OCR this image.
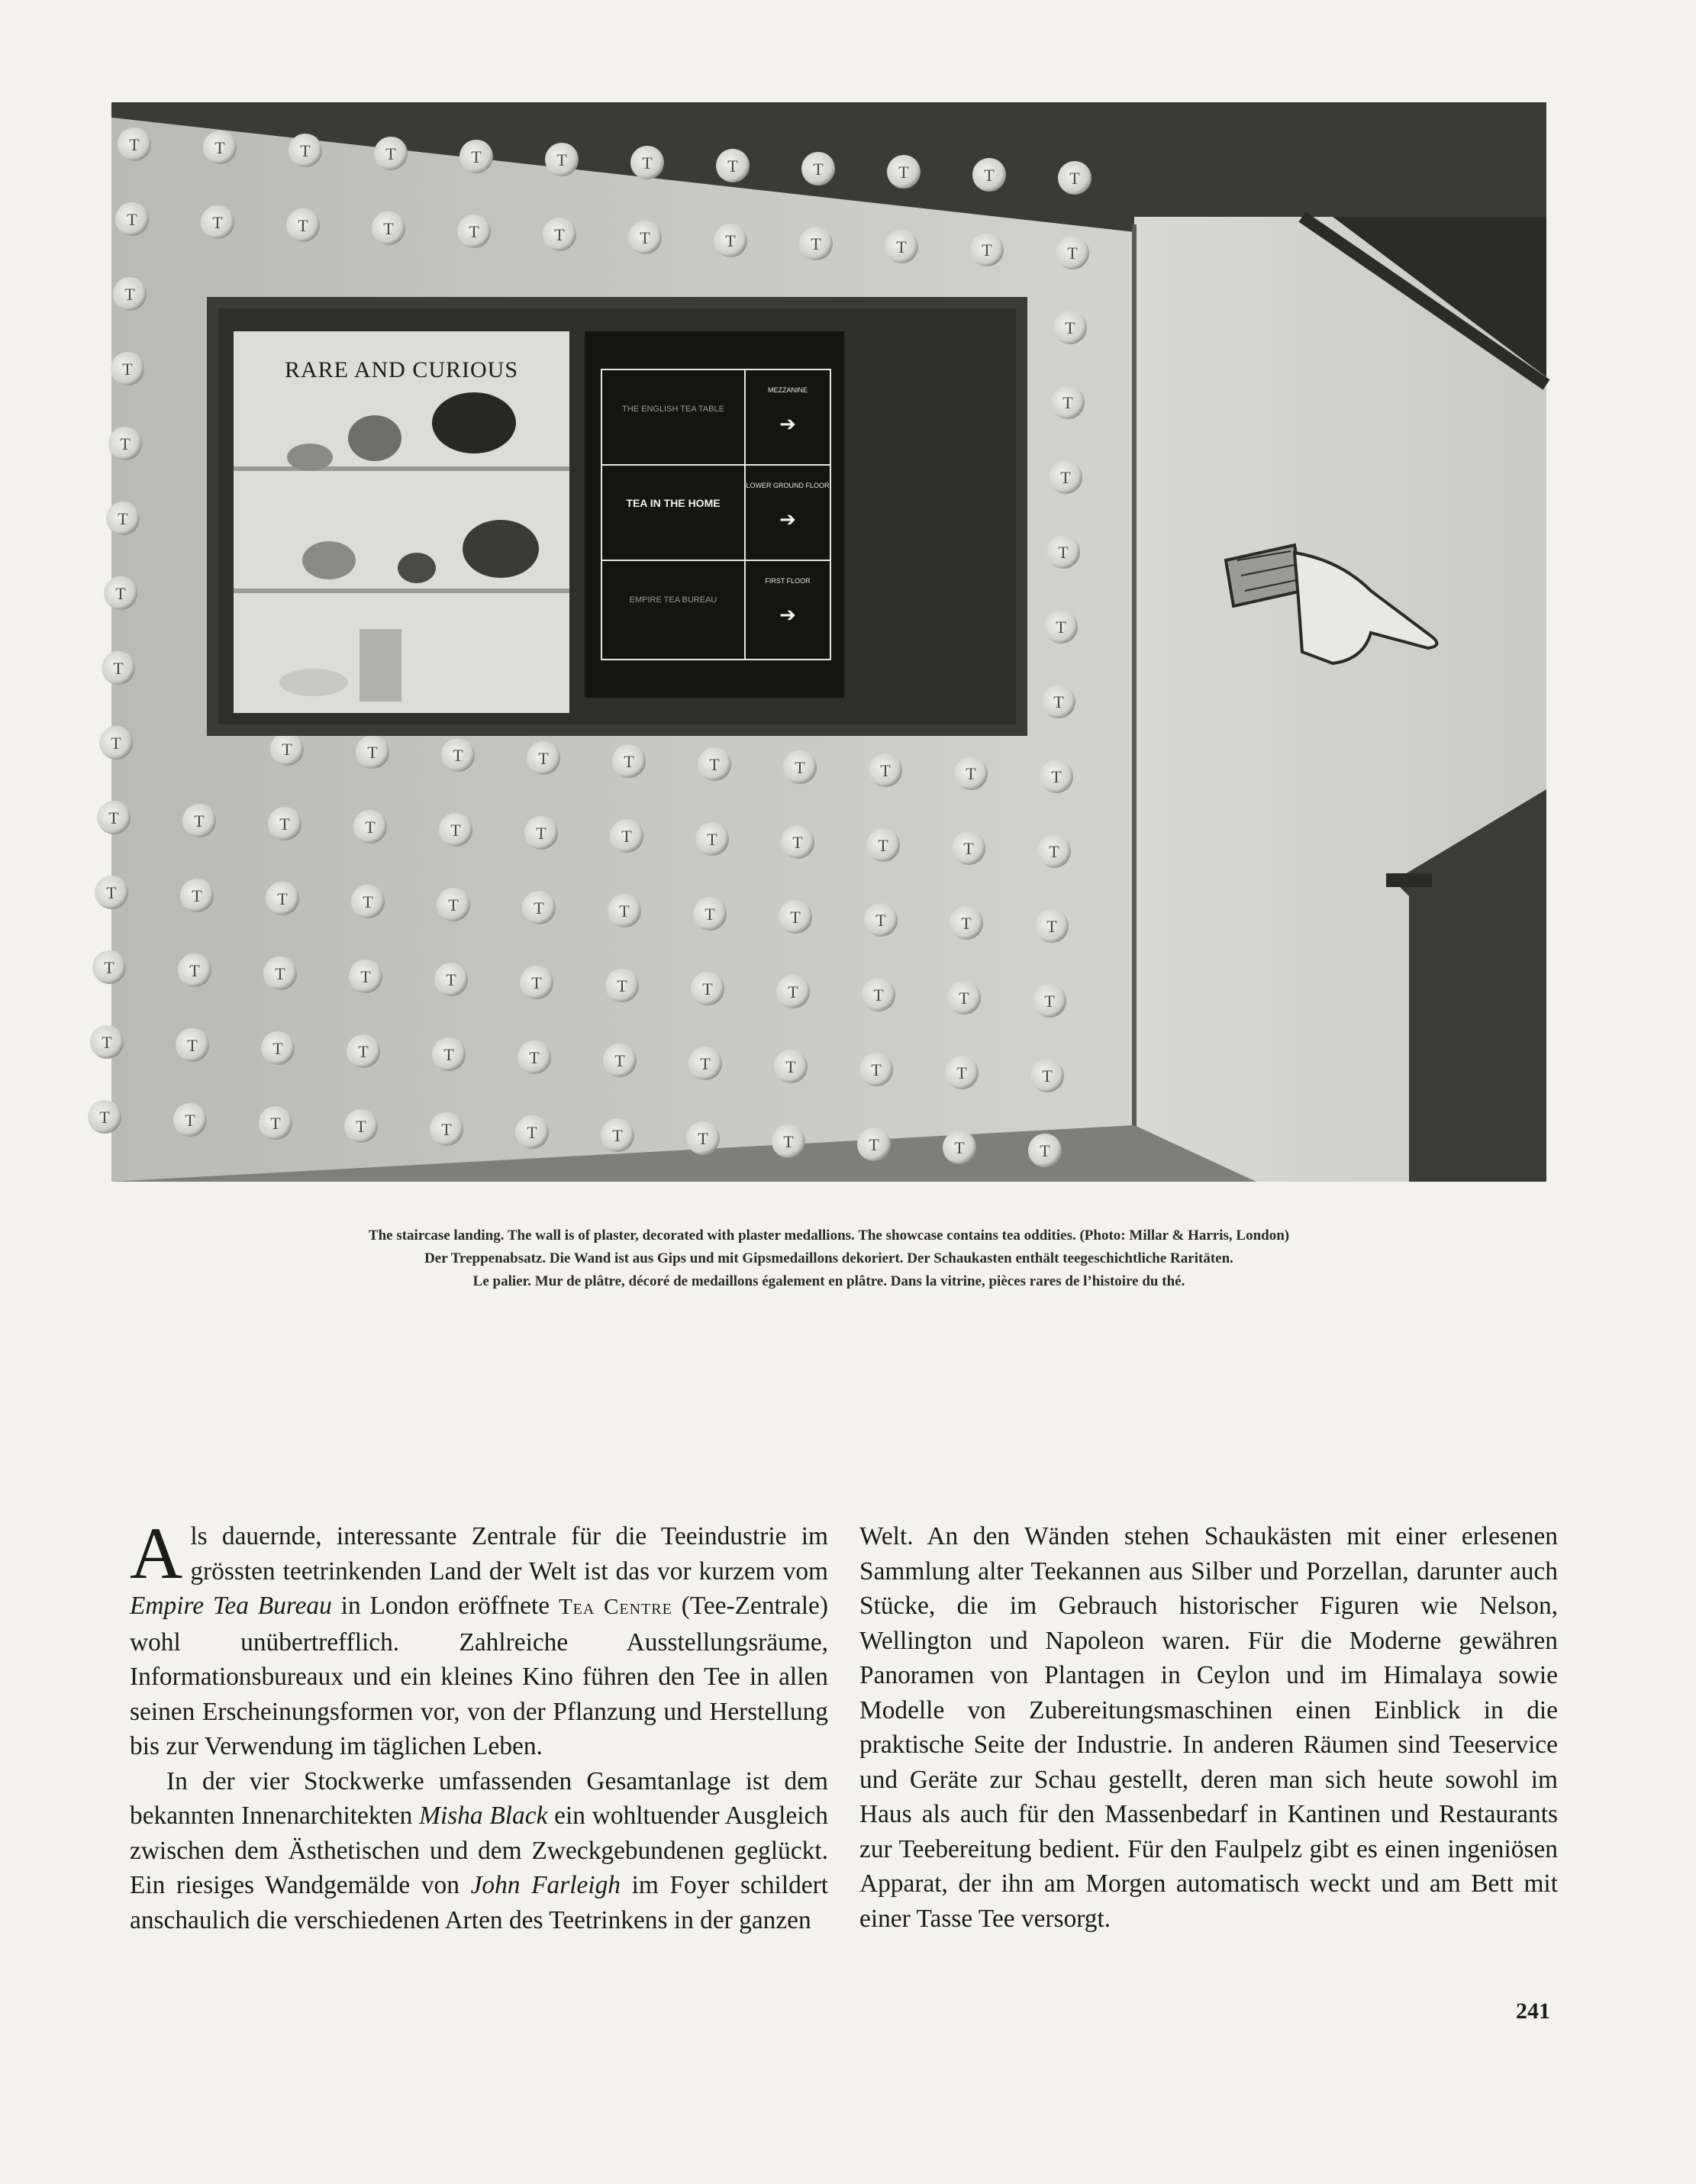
T	T	T	T	T	T	T	T	T	T	T	T
T	T	T	T	T	T	T	T	T	T	T	T
T
T
T
T
T
T
T
T
T
T
T
T
T	T	T	T	T	T	T	T	T	T	T
T	T	T	T	T	T	T	T	T	T	T	T
T	T	T	T	T	T	T	T	T	T	T	T
T	T	T	T	T	T	T	T	T	T	T	T
T	T	T	T	T	T	T	T	T	T	T	T
T	T	T	T	T	T	T	T	T	T	T	T
RARE AND CURIOUS
THE ENGLISH TEA TABLE
MEZZANINE
➔
TEA IN THE HOME
LOWER GROUND FLOOR
➔
EMPIRE TEA BUREAU
FIRST FLOOR
➔
The staircase landing. The wall is of plaster, decorated with plaster medallions. The showcase contains tea oddities. (Photo: Millar & Harris, London)
Der Treppenabsatz. Die Wand ist aus Gips und mit Gipsmedaillons dekoriert. Der Schaukasten enthält teegeschichtliche Raritäten.
Le palier. Mur de plâtre, décoré de medaillons également en plâtre. Dans la vitrine, pièces rares de l’histoire du thé.

Als dauernde, interessante Zentrale für die Teeindustrie im grössten teetrinkenden Land der Welt ist das vor kurzem vom Empire Tea Bureau in London eröffnete Tea Centre (Tee-Zentrale) wohl unübertrefflich. Zahlreiche Ausstellungsräume, Informationsbureaux und ein kleines Kino führen den Tee in allen seinen Erscheinungsformen vor, von der Pflanzung und Herstellung bis zur Verwendung im täglichen Leben.

In der vier Stockwerke umfassenden Gesamtanlage ist dem bekannten Innenarchitekten Misha Black ein wohltuender Ausgleich zwischen dem Ästhetischen und dem Zweckgebundenen geglückt. Ein riesiges Wandgemälde von John Farleigh im Foyer schildert anschaulich die verschiedenen Arten des Teetrinkens in der ganzen

Welt. An den Wänden stehen Schaukästen mit einer erlesenen Sammlung alter Teekannen aus Silber und Porzellan, darunter auch Stücke, die im Gebrauch historischer Figuren wie Nelson, Wellington und Napoleon waren. Für die Moderne gewähren Panoramen von Plantagen in Ceylon und im Himalaya sowie Modelle von Zubereitungsmaschinen einen Einblick in die praktische Seite der Industrie. In anderen Räumen sind Teeservice und Geräte zur Schau gestellt, deren man sich heute sowohl im Haus als auch für den Massenbedarf in Kantinen und Restaurants zur Teebereitung bedient. Für den Faulpelz gibt es einen ingeniösen Apparat, der ihn am Morgen automatisch weckt und am Bett mit einer Tasse Tee versorgt.

241
